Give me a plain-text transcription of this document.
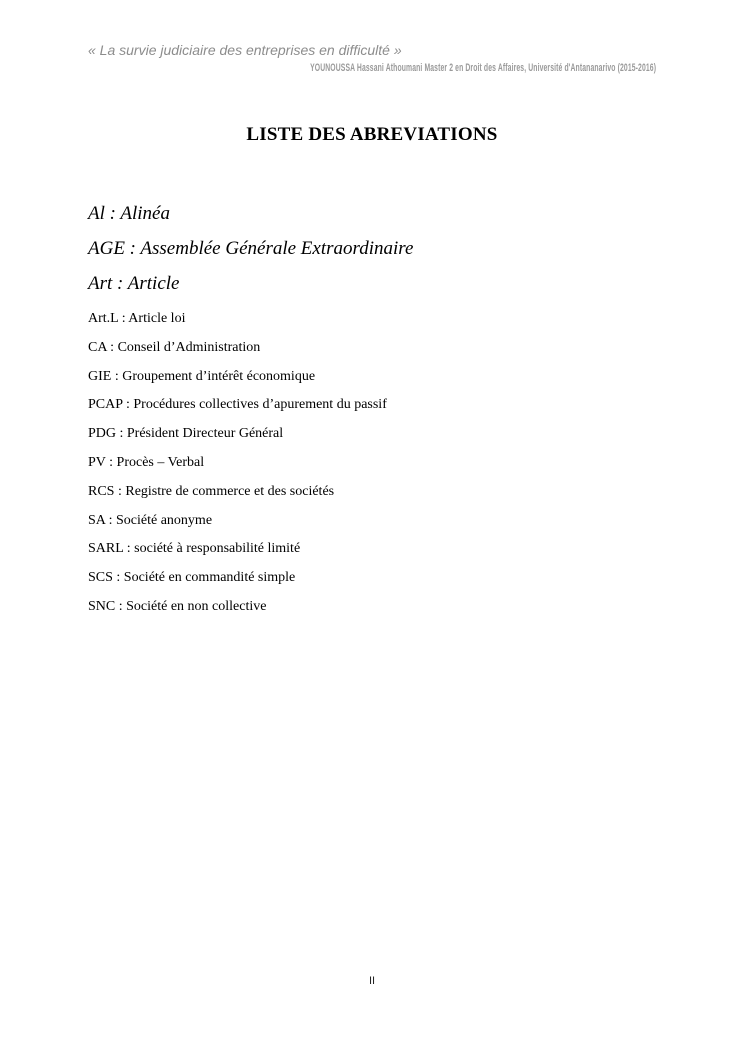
« La survie judiciaire des entreprises en difficulté »
YOUNOUSSA Hassani Athoumani Master 2 en Droit des Affaires, Université d'Antananarivo (2015-2016)
LISTE DES ABREVIATIONS
Al : Alinéa
AGE : Assemblée Générale Extraordinaire
Art : Article
Art.L : Article loi
CA : Conseil d’Administration
GIE : Groupement d’intérêt économique
PCAP : Procédures collectives d’apurement du passif
PDG : Président Directeur Général
PV : Procès – Verbal
RCS : Registre de commerce et des sociétés
SA : Société anonyme
SARL : société à responsabilité limité
SCS : Société en commandité simple
SNC : Société en non collective
II
